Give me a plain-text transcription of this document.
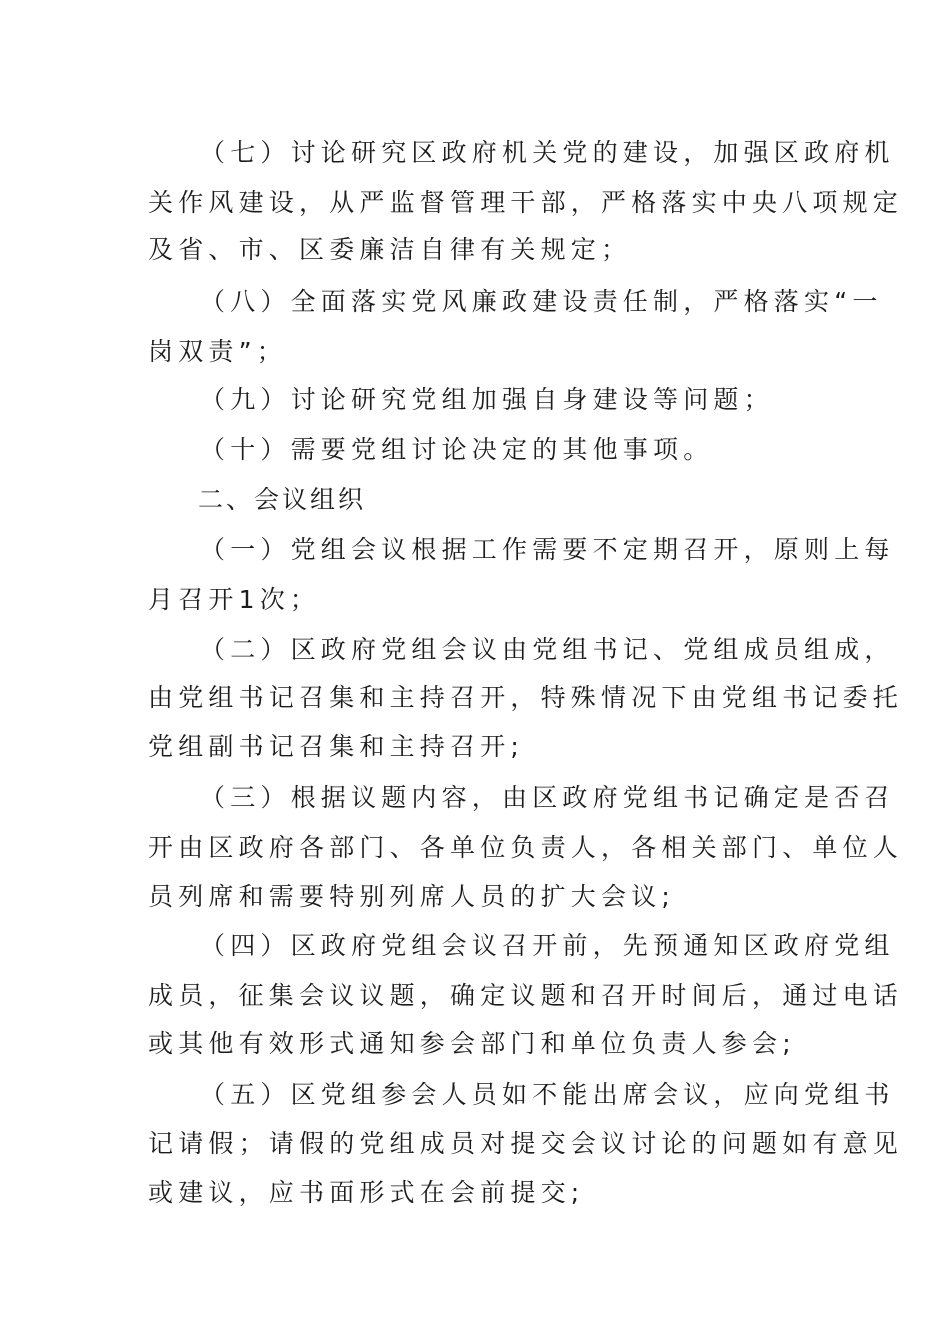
（七）讨论研究区政府机关党的建设，加强区政府机
关作风建设，从严监督管理干部，严格落实中央八项规定
及省、市、区委廉洁自律有关规定；
（八）全面落实党风廉政建设责任制，严格落实“一
岗双责”；
（九）讨论研究党组加强自身建设等问题；
（十）需要党组讨论决定的其他事项。
二、会议组织
（一）党组会议根据工作需要不定期召开，原则上每
月召开1次；
（二）区政府党组会议由党组书记、党组成员组成，
由党组书记召集和主持召开，特殊情况下由党组书记委托
党组副书记召集和主持召开;
（三）根据议题内容，由区政府党组书记确定是否召
开由区政府各部门、各单位负责人，各相关部门、单位人
员列席和需要特别列席人员的扩大会议;
（四）区政府党组会议召开前，先预通知区政府党组
成员，征集会议议题，确定议题和召开时间后，通过电话
或其他有效形式通知参会部门和单位负责人参会;
（五）区党组参会人员如不能出席会议，应向党组书
记请假；请假的党组成员对提交会议讨论的问题如有意见
或建议，应书面形式在会前提交;
